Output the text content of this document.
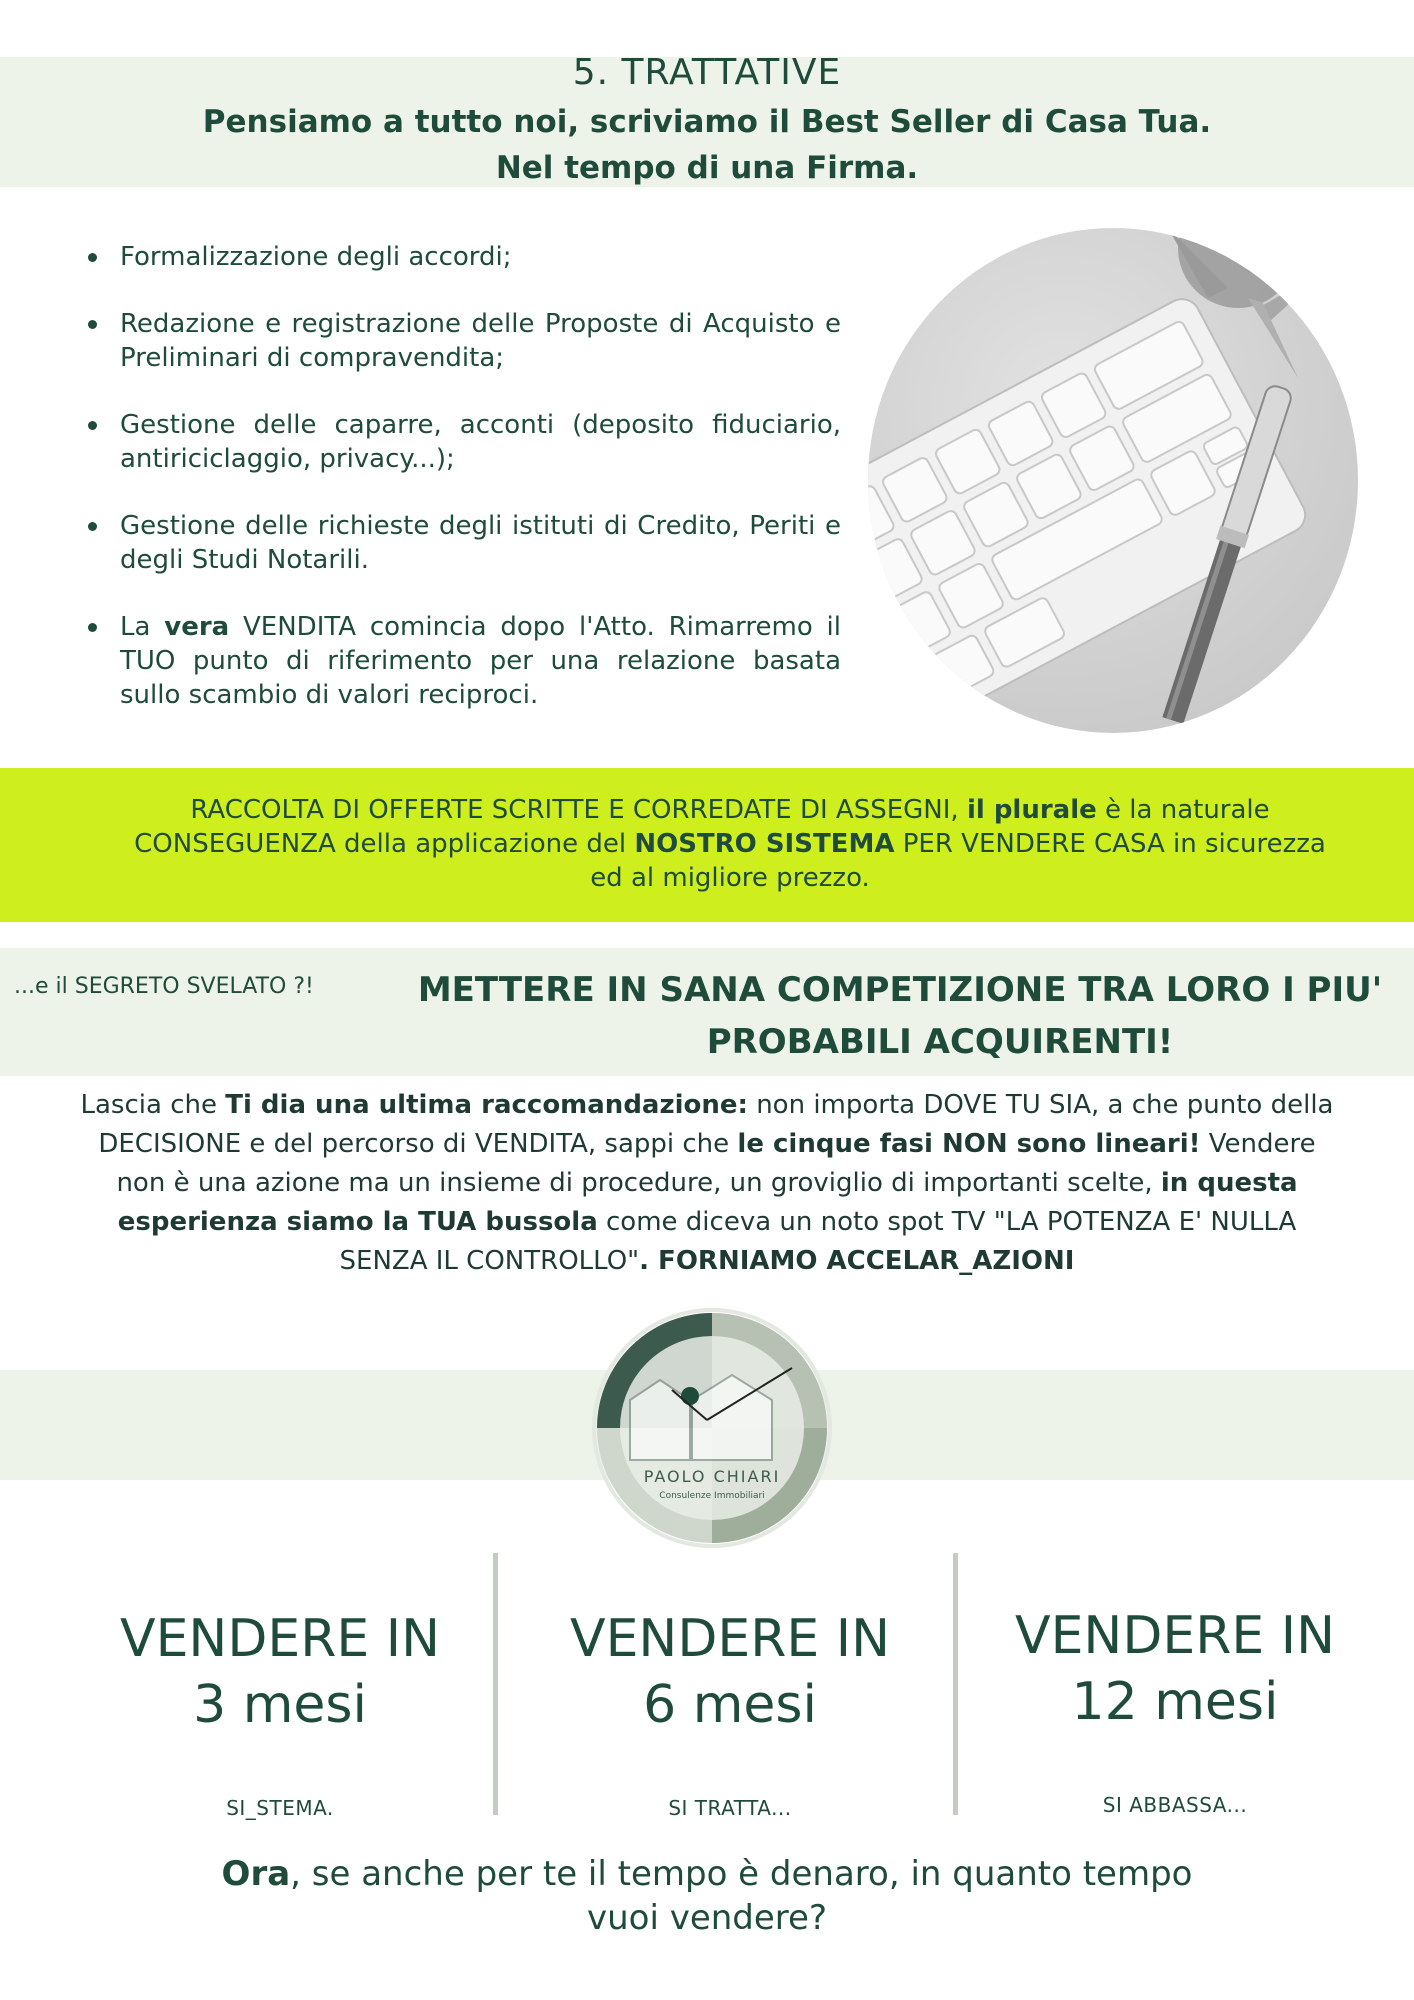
5. TRATTATIVE
Pensiamo a tutto noi, scriviamo il Best Seller di Casa Tua.
Nel tempo di una Firma.
Formalizzazione degli accordi;
Redazione e registrazione delle Proposte di Acquisto e Preliminari di compravendita;
Gestione delle caparre, acconti (deposito fiduciario, antiriciclaggio, privacy...);
Gestione delle richieste degli istituti di Credito, Periti e degli Studi Notarili.
La vera VENDITA comincia dopo l'Atto. Rimarremo il TUO punto di riferimento per una relazione basata sullo scambio di valori reciproci.
RACCOLTA DI OFFERTE SCRITTE E CORREDATE DI ASSEGNI, il plurale è la naturale CONSEGUENZA della applicazione del NOSTRO SISTEMA PER VENDERE CASA in sicurezza ed al migliore prezzo.
...e il SEGRETO SVELATO ?!	METTERE IN SANA COMPETIZIONE TRA LORO I PIU'
PROBABILI ACQUIRENTI!
Lascia che Ti dia una ultima raccomandazione: non importa DOVE TU SIA, a che punto della DECISIONE e del percorso di VENDITA, sappi che le cinque fasi NON sono lineari! Vendere non è una azione ma un insieme di procedure, un groviglio di importanti scelte, in questa esperienza siamo la TUA bussola come diceva un noto spot TV "LA POTENZA E' NULLA SENZA IL CONTROLLO". FORNIAMO ACCELAR_AZIONI
PAOLO CHIARI
Consulenze Immobiliari
VENDERE IN
3 mesi
SI_STEMA.
VENDERE IN
6 mesi
SI TRATTA...
VENDERE IN
12 mesi
SI ABBASSA...
Ora, se anche per te il tempo è denaro, in quanto tempo
vuoi vendere?
